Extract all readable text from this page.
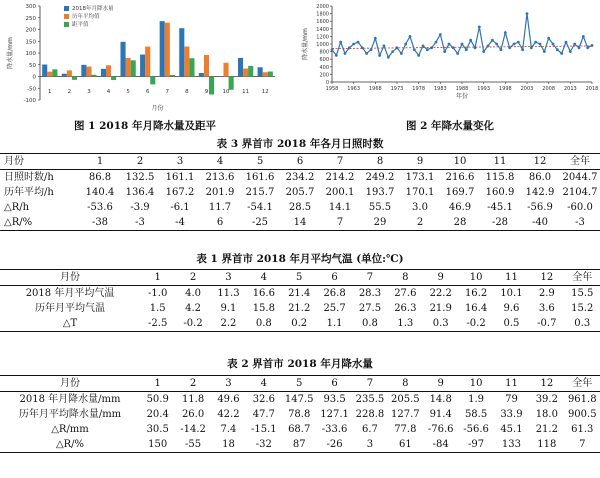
-100
-50
0
50
100
150
200
250
300
降水量/mm
1	2	3	4	5	6	7	8	9	10 11 12
月份
2018年月降水量
历年平均值
距平值
图 1 2018 年月降水量及距平
0
200
400
600
800
1000
1200
1400
1600
1800
2000
1958 1963 1968 1973 1978 1983 1988 1993 1998 2003 2008 2013 2018
降水量/mm
年份
图 2 年降水量变化
表 3 界首市 2018 年各月日照时数
月份	1	2	3	4	5	6	7	8	9	10	11	12	全年
日照时数/h	86.8	132.5	161.1	213.6	161.6	234.2	214.2	249.2	173.1	216.6	115.8	86.0	2044.7
历年平均/h	140.4	136.4	167.2	201.9	215.7	205.7	200.1	193.7	170.1	169.7	160.9	142.9	2104.7
△R/h	-53.6	-3.9	-6.1	11.7	-54.1	28.5	14.1	55.5	3.0	46.9	-45.1	-56.9	-60.0
△R/%	-38	-3	-4	6	-25	14	7	29	2	28	-28	-40	-3
表 1 界首市 2018 年月平均气温 (单位:℃)
月份	1	2	3	4	5	6	7	8	9	10	11	12	全年
2018 年月平均气温	-1.0	4.0	11.3	16.6	21.4	26.8	28.3	27.6	22.2	16.2	10.1	2.9	15.5
历年月平均气温	1.5	4.2	9.1	15.8	21.2	25.7	27.5	26.3	21.9	16.4	9.6	3.6	15.2
△T	-2.5	-0.2	2.2	0.8	0.2	1.1	0.8	1.3	0.3	-0.2	0.5	-0.7	0.3
表 2 界首市 2018 年月降水量
月份	1	2	3	4	5	6	7	8	9	10	11	12	全年
2018 年月降水量/mm	50.9	11.8	49.6	32.6	147.5	93.5	235.5	205.5	14.8	1.9	79	39.2	961.8
历年月平均降水量/mm	20.4	26.0	42.2	47.7	78.8	127.1	228.8	127.7	91.4	58.5	33.9	18.0	900.5
△R/mm	30.5	-14.2	7.4	-15.1	68.7	-33.6	6.7	77.8	-76.6	-56.6	45.1	21.2	61.3
△R/%	150	-55	18	-32	87	-26	3	61	-84	-97	133	118	7
